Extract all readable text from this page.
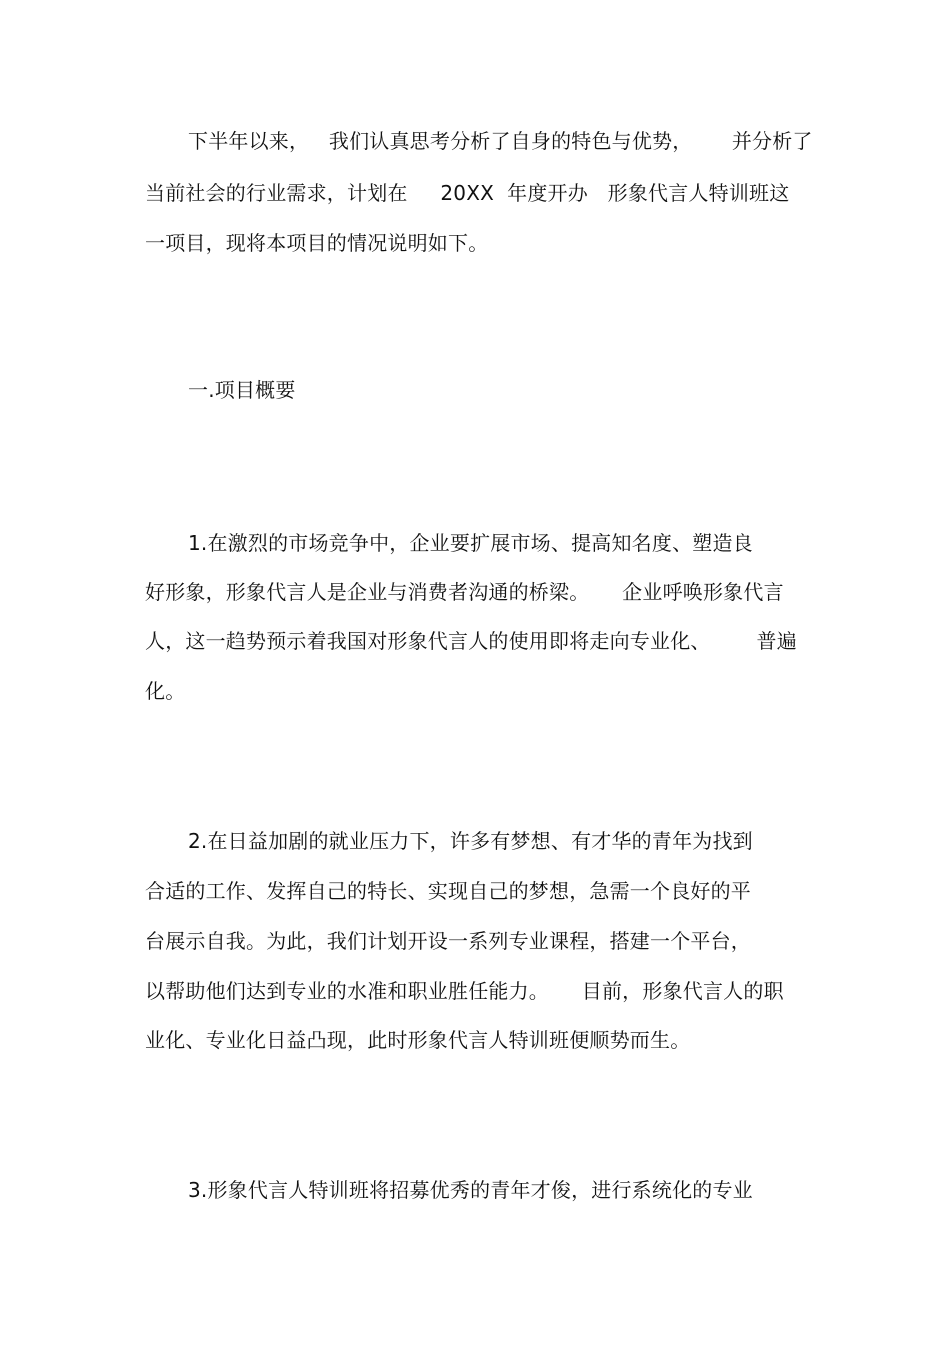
下半年以来，   我们认真思考分析了自身的特色与优势，      并分析了

当前社会的行业需求，计划在     20XX  年度开办   形象代言人特训班这

一项目，现将本项目的情况说明如下。

一.项目概要

1.在激烈的市场竞争中，企业要扩展市场、提高知名度、塑造良

好形象，形象代言人是企业与消费者沟通的桥梁。     企业呼唤形象代言

人，这一趋势预示着我国对形象代言人的使用即将走向专业化、       普遍

化。

2.在日益加剧的就业压力下，许多有梦想、有才华的青年为找到

合适的工作、发挥自己的特长、实现自己的梦想，急需一个良好的平

台展示自我。为此，我们计划开设一系列专业课程，搭建一个平台，

以帮助他们达到专业的水准和职业胜任能力。     目前，形象代言人的职

业化、专业化日益凸现，此时形象代言人特训班便顺势而生。

3.形象代言人特训班将招募优秀的青年才俊，进行系统化的专业
